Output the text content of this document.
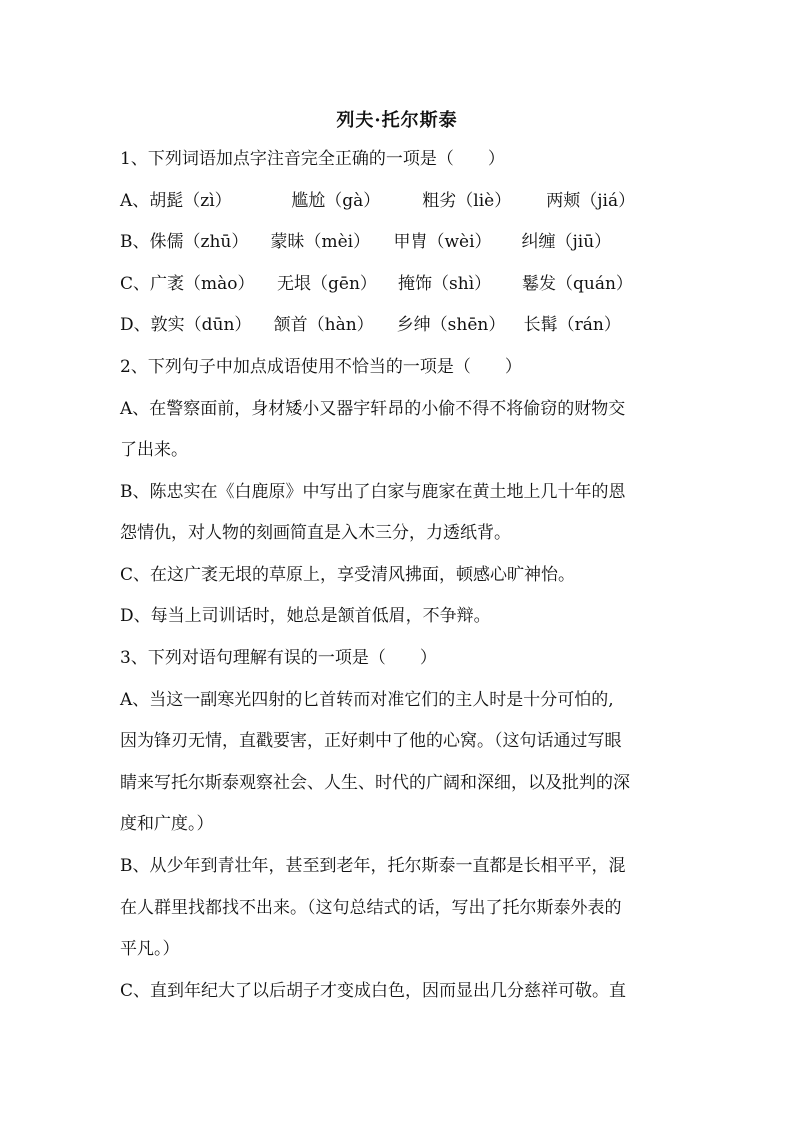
列夫·托尔斯泰
1、下列词语加点字注音完全正确的一项是（　　）
A、胡髭（zì）	尴尬（gà） 粗劣（liè） 两颊（jiá）
B、侏儒（zhū） 蒙昧（mèi） 甲胄（wèi） 纠缠（jiū）
C、广袤（mào） 无垠（gēn） 掩饰（shì） 鬈发（quán）
D、敦实（dūn） 颔首（hàn） 乡绅（shēn） 长髯（rán）
2、下列句子中加点成语使用不恰当的一项是（　　）
A、在警察面前，身材矮小又器宇轩昂的小偷不得不将偷窃的财物交
了出来。
B、陈忠实在《白鹿原》中写出了白家与鹿家在黄土地上几十年的恩
怨情仇，对人物的刻画简直是入木三分，力透纸背。
C、在这广袤无垠的草原上，享受清风拂面，顿感心旷神怡。
D、每当上司训话时，她总是颔首低眉，不争辩。
3、下列对语句理解有误的一项是（　　）
A、当这一副寒光四射的匕首转而对准它们的主人时是十分可怕的,
因为锋刃无情，直戳要害，正好刺中了他的心窝。（这句话通过写眼
睛来写托尔斯泰观察社会、人生、时代的广阔和深细，以及批判的深
度和广度。）
B、从少年到青壮年，甚至到老年，托尔斯泰一直都是长相平平，混
在人群里找都找不出来。（这句总结式的话，写出了托尔斯泰外表的
平凡。）
C、直到年纪大了以后胡子才变成白色，因而显出几分慈祥可敬。直
